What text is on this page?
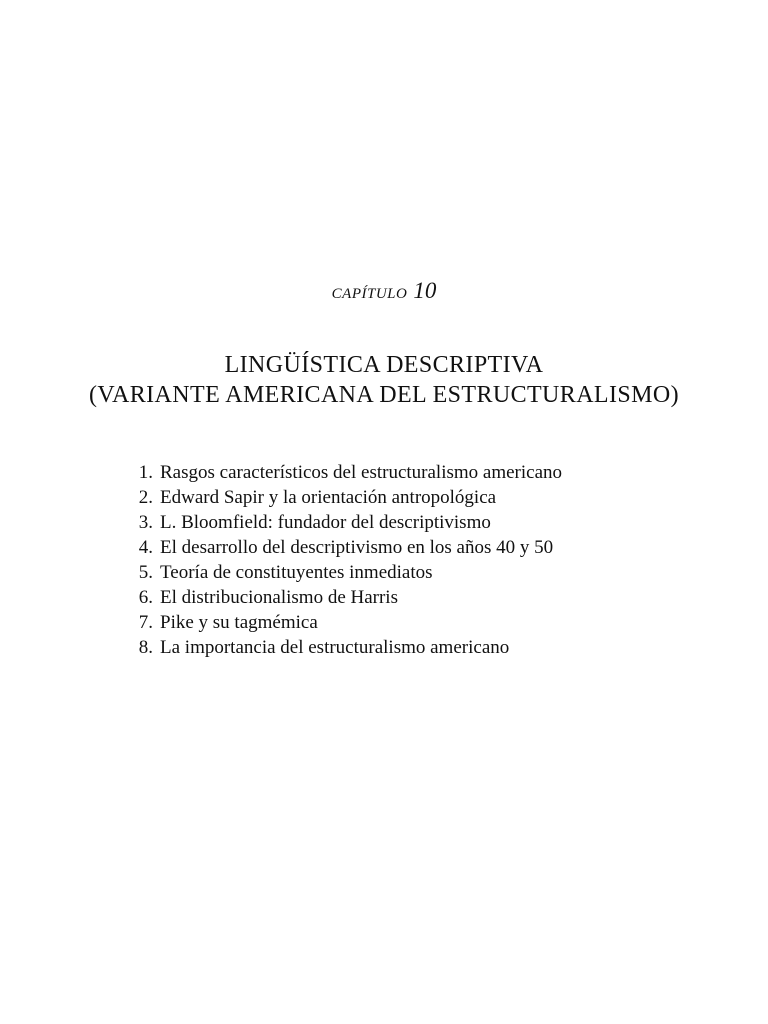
CAPÍTULO 10
LINGÜÍSTICA DESCRIPTIVA
(VARIANTE AMERICANA DEL ESTRUCTURALISMO)
1. Rasgos característicos del estructuralismo americano
2. Edward Sapir y la orientación antropológica
3. L. Bloomfield: fundador del descriptivismo
4. El desarrollo del descriptivismo en los años 40 y 50
5. Teoría de constituyentes inmediatos
6. El distribucionalismo de Harris
7. Pike y su tagmémica
8. La importancia del estructuralismo americano
